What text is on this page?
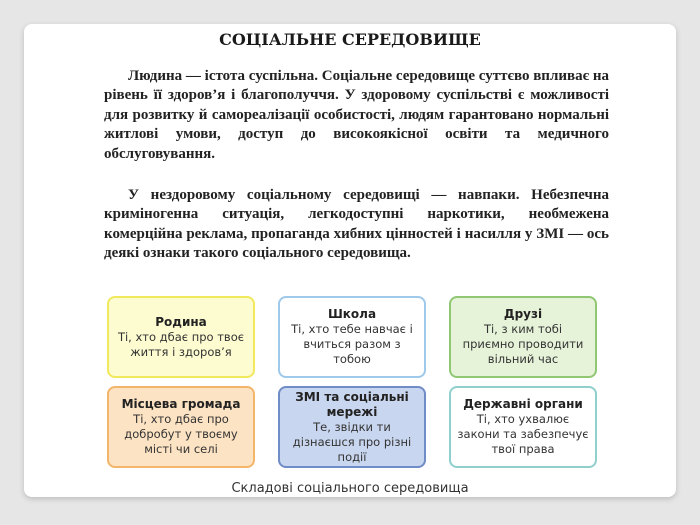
СОЦІАЛЬНЕ СЕРЕДОВИЩЕ

Людина — істота суспільна. Соціальне середовище суттєво впливає на рівень її здоров’я і благополуччя. У здоровому суспільстві є можливості для розвитку й самореалізації особистості, людям гарантовано нормальні житлові умови, доступ до високоякісної освіти та медичного обслуговування.

У нездоровому соціальному середовищі — навпаки. Небезпечна криміногенна ситуація, легкодоступні наркотики, необмежена комерційна реклама, пропаганда хибних цінностей і насилля у ЗМІ — ось деякі ознаки такого соціального середовища.

Родина
Ті, хто дбає про твоє життя і здоров’я
Школа
Ті, хто тебе навчає і вчиться разом з тобою
Друзі
Ті, з ким тобі приємно проводити вільний час
Місцева громада
Ті, хто дбає про добробут у твоєму місті чи селі
ЗМІ та соціальні мережі
Те, звідки ти дізнаєшся про різні події
Державні органи
Ті, хто ухвалює закони та забезпечує твої права
Складові соціального середовища
